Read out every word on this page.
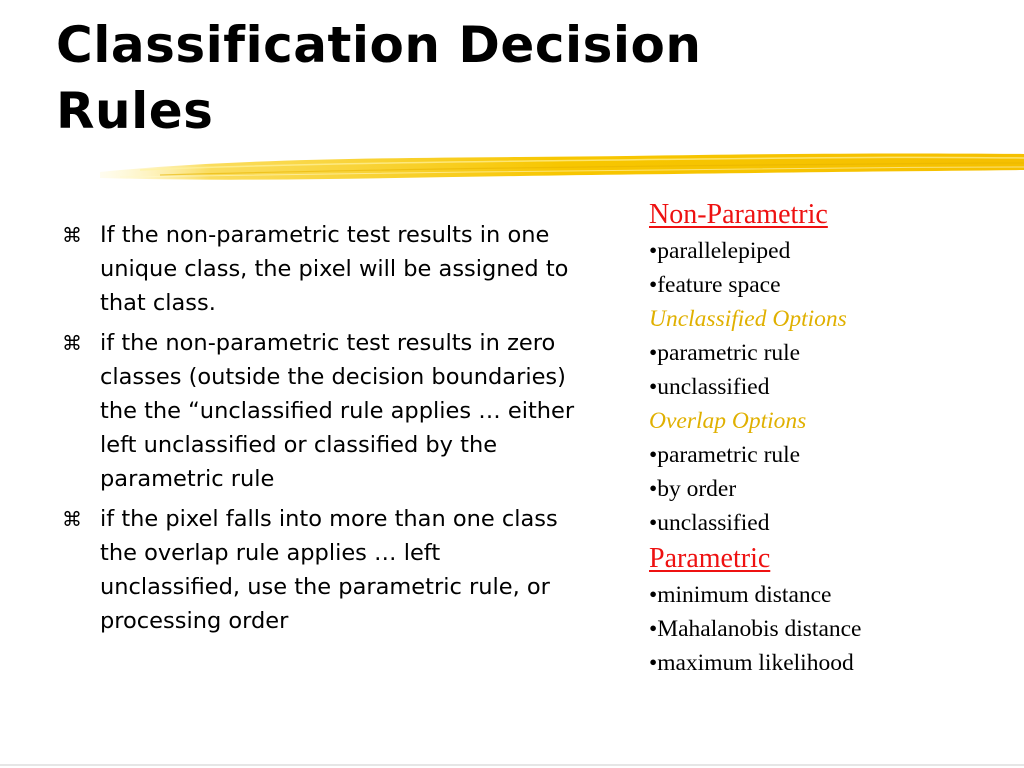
Classification Decision
Rules
⌘ If the non-parametric test results in one unique class, the pixel will be assigned to that class.
⌘ if the non-parametric test results in zero classes (outside the decision boundaries) the the “unclassified rule applies … either left unclassified or classified by the parametric rule
⌘ if the pixel falls into more than one class the overlap rule applies … left unclassified, use the parametric rule, or processing order
Non-Parametric
•parallelepiped
•feature space
Unclassified Options
•parametric rule
•unclassified
Overlap Options
•parametric rule
•by order
•unclassified
Parametric
•minimum distance
•Mahalanobis distance
•maximum likelihood
